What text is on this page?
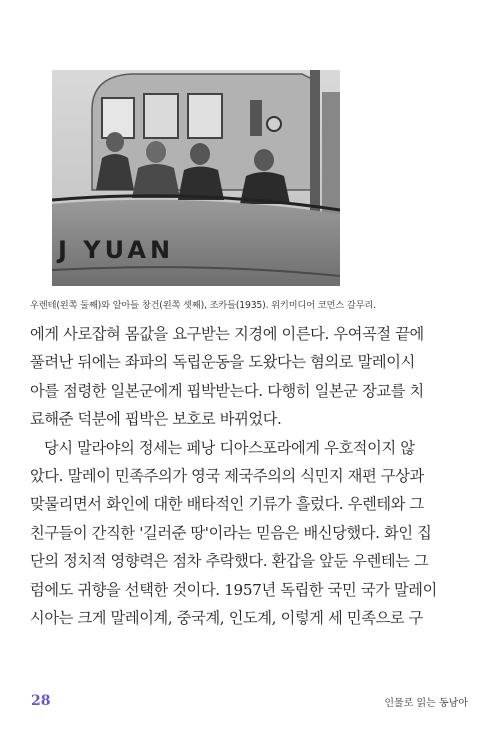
J YUAN
우렌테(왼쪽 둘째)와 알아들 창건(왼쪽 셋째), 조카들(1935). 위키미디어 코먼스 갈무리.
에게 사로잡혀 몸값을 요구받는 지경에 이른다. 우여곡절 끝에
풀려난 뒤에는 좌파의 독립운동을 도왔다는 혐의로 말레이시
아를 점령한 일본군에게 핍박받는다. 다행히 일본군 장교를 치
료해준 덕분에 핍박은 보호로 바뀌었다.
당시 말라야의 정세는 페낭 디아스포라에게 우호적이지 않
았다. 말레이 민족주의가 영국 제국주의의 식민지 재편 구상과
맞물리면서 화인에 대한 배타적인 기류가 흘렀다. 우렌테와 그
친구들이 간직한 '길러준 땅'이라는 믿음은 배신당했다. 화인 집
단의 정치적 영향력은 점차 추락했다. 환갑을 앞둔 우렌테는 그
럼에도 귀향을 선택한 것이다. 1957년 독립한 국민 국가 말레이
시아는 크게 말레이계, 중국계, 인도계, 이렇게 세 민족으로 구
28	인물로 읽는 동남아
